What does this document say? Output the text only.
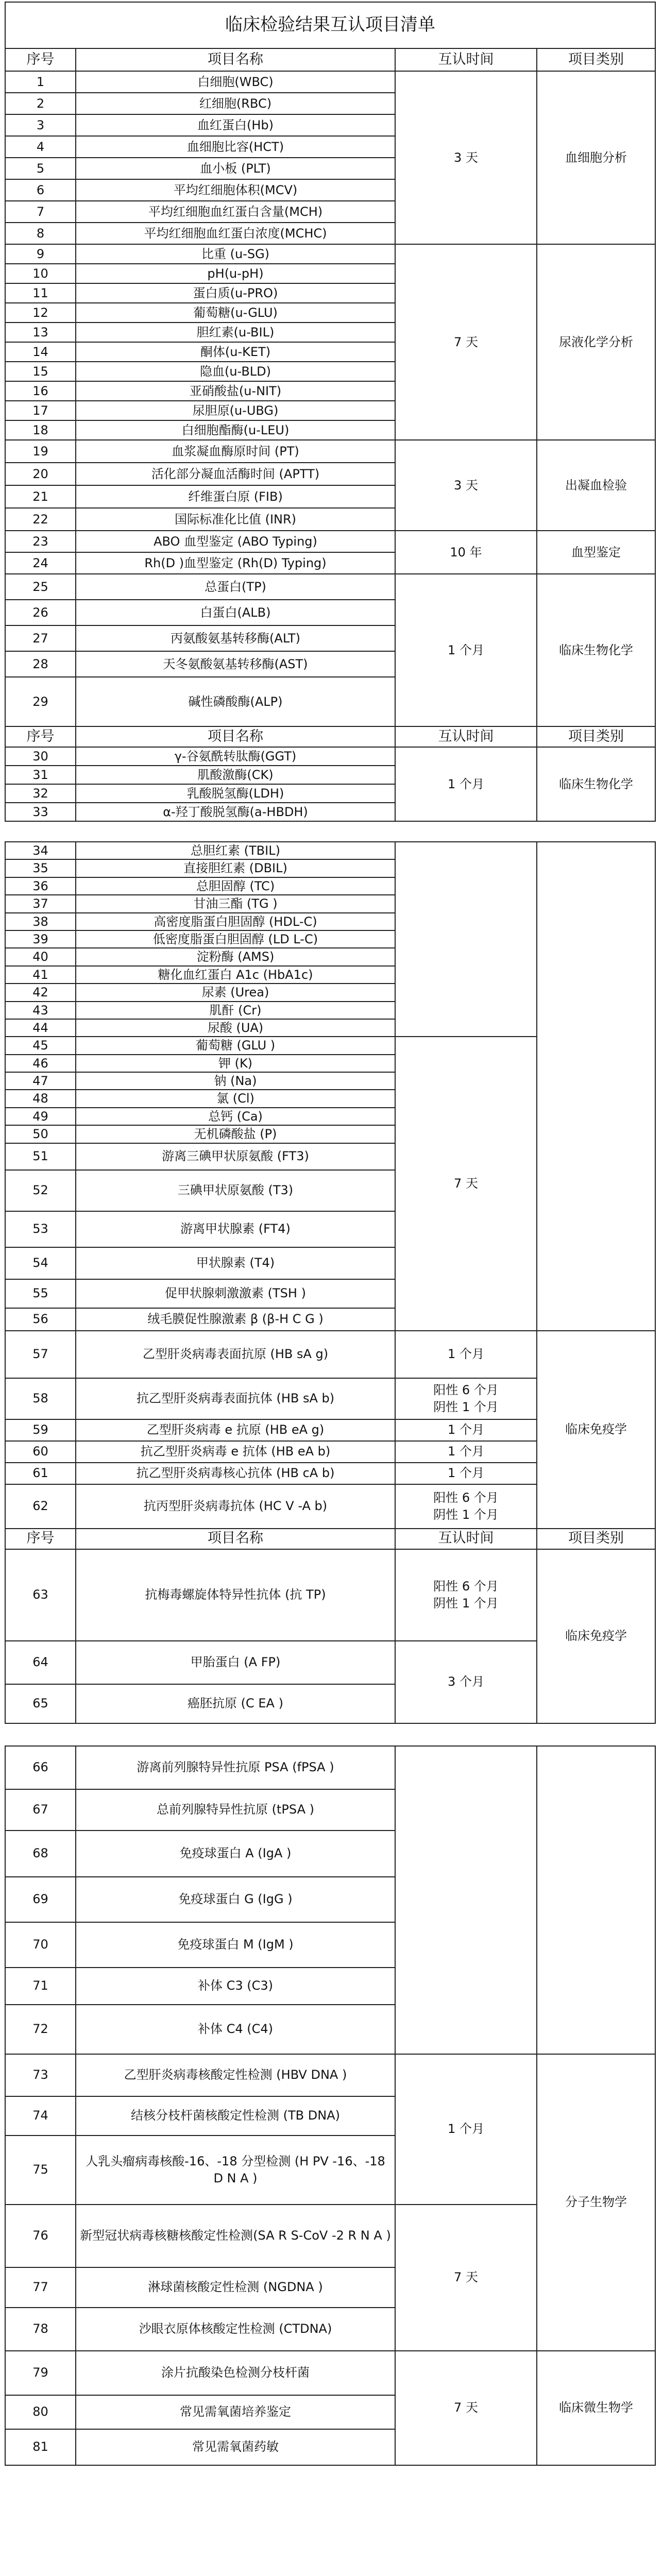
临床检验结果互认项目清单			
序号	项目名称	互认时间	项目类别
1	白细胞(WBC)	3 天	血细胞分析
2	红细胞(RBC)		
3	血红蛋白(Hb)		
4	血细胞比容(HCT)		
5	血小板 (PLT)		
6	平均红细胞体积(MCV)		
7	平均红细胞血红蛋白含量(MCH)		
8	平均红细胞血红蛋白浓度(MCHC)		
9	比重 (u-SG)	7 天	尿液化学分析
10	pH(u-pH)		
11	蛋白质(u-PRO)		
12	葡萄糖(u-GLU)		
13	胆红素(u-BIL)		
14	酮体(u-KET)		
15	隐血(u-BLD)		
16	亚硝酸盐(u-NIT)		
17	尿胆原(u-UBG)		
18	白细胞酯酶(u-LEU)		
19	血浆凝血酶原时间 (PT)	3 天	出凝血检验
20	活化部分凝血活酶时间 (APTT)		
21	纤维蛋白原 (FIB)		
22	国际标准化比值 (INR)		
23	ABO 血型鉴定 (ABO Typing)	10 年	血型鉴定
24	Rh(D )血型鉴定 (Rh(D) Typing)		
25	总蛋白(TP)	1 个月	临床生物化学
26	白蛋白(ALB)		
27	丙氨酸氨基转移酶(ALT)		
28	天冬氨酸氨基转移酶(AST)		
29	碱性磷酸酶(ALP)		
序号	项目名称	互认时间	项目类别
30	γ-谷氨酰转肽酶(GGT)	1 个月	临床生物化学
31	肌酸激酶(CK)		
32	乳酸脱氢酶(LDH)		
33	α-羟丁酸脱氢酶(a-HBDH)		

34	总胆红素 (TBIL)		
35	直接胆红素 (DBIL)		
36	总胆固醇 (TC)		
37	甘油三酯 (TG )		
38	高密度脂蛋白胆固醇 (HDL-C)		
39	低密度脂蛋白胆固醇 (LD L-C)		
40	淀粉酶 (AMS)		
41	糖化血红蛋白 A1c (HbA1c)		
42	尿素 (Urea)		
43	肌酐 (Cr)		
44	尿酸 (UA)		
45	葡萄糖 (GLU )	7 天	
46	钾 (K)		
47	钠 (Na)		
48	氯 (Cl)		
49	总钙 (Ca)		
50	无机磷酸盐 (P)		
51	游离三碘甲状原氨酸 (FT3)		
52	三碘甲状原氨酸 (T3)		
53	游离甲状腺素 (FT4)		
54	甲状腺素 (T4)		
55	促甲状腺刺激激素 (TSH )		
56	绒毛膜促性腺激素 β (β-H C G )		
57	乙型肝炎病毒表面抗原 (HB sA g)	1 个月	临床免疫学
58	抗乙型肝炎病毒表面抗体 (HB sA b)	阳性 6 个月
阴性 1 个月	

59	乙型肝炎病毒 e 抗原 (HB eA g)	1 个月	
60	抗乙型肝炎病毒 e 抗体 (HB eA b)	1 个月	
61	抗乙型肝炎病毒核心抗体 (HB cA b)	1 个月	
62	抗丙型肝炎病毒抗体 (HC V -A b)	阳性 6 个月
阴性 1 个月	

序号	项目名称	互认时间	项目类别
63	抗梅毒螺旋体特异性抗体 (抗 TP)	阳性 6 个月
阴性 1 个月	临床免疫学
64	甲胎蛋白 (A FP)	3 个月	
65	癌胚抗原 (C EA )		

66	游离前列腺特异性抗原 PSA (fPSA )		
67	总前列腺特异性抗原 (tPSA )		
68	免疫球蛋白 A (IgA )		
69	免疫球蛋白 G (IgG )		
70	免疫球蛋白 M (IgM )		
71	补体 C3 (C3)		
72	补体 C4 (C4)		
73	乙型肝炎病毒核酸定性检测 (HBV DNA )	1 个月	分子生物学
74	结核分枝杆菌核酸定性检测 (TB DNA)		
75	人乳头瘤病毒核酸-16、-18 分型检测 (H PV -16、-18 D N A )		
76	新型冠状病毒核糖核酸定性检测(SA R S-CoV -2 R N A )	7 天	
77	淋球菌核酸定性检测 (NGDNA )		
78	沙眼衣原体核酸定性检测 (CTDNA)		
79	涂片抗酸染色检测分枝杆菌	7 天	临床微生物学
80	常见需氧菌培养鉴定		
81	常见需氧菌药敏		
